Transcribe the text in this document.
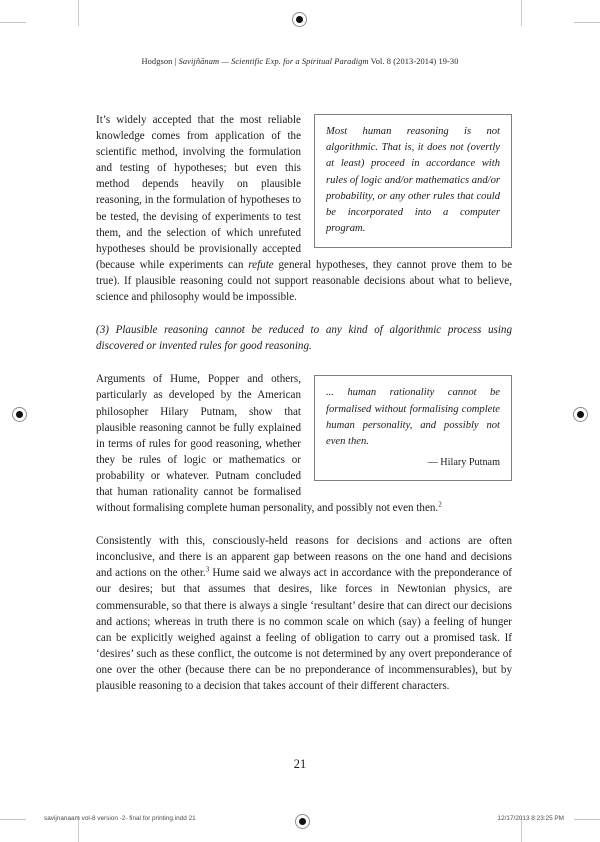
Hodgson | Savijñānam — Scientific Exp. for a Spiritual Paradigm Vol. 8 (2013-2014) 19-30

Most human reasoning is not algorithmic. That is, it does not (overtly at least) proceed in accordance with rules of logic and/or mathematics and/or probability, or any other rules that could be incorporated into a computer program.

It’s widely accepted that the most reliable knowledge comes from application of the scientific method, involving the formulation and testing of hypotheses; but even this method depends heavily on plausible reasoning, in the formulation of hypotheses to be tested, the devising of experiments to test them, and the selection of which unrefuted hypotheses should be provisionally accepted (because while experiments can refute general hypotheses, they cannot prove them to be true). If plausible reasoning could not support reasonable decisions about what to believe, science and philosophy would be impossible.

(3) Plausible reasoning cannot be reduced to any kind of algorithmic process using discovered or invented rules for good reasoning.

... human rationality cannot be formalised without formalising complete human personality, and possibly not even then.

— Hilary Putnam

Arguments of Hume, Popper and others, particularly as developed by the American philosopher Hilary Putnam, show that plausible reasoning cannot be fully explained in terms of rules for good reasoning, whether they be rules of logic or mathematics or probability or whatever. Putnam concluded that human rationality cannot be formalised without formalising complete human personality, and possibly not even then.$^2$

Consistently with this, consciously-held reasons for decisions and actions are often inconclusive, and there is an apparent gap between reasons on the one hand and decisions and actions on the other.$^3$ Hume said we always act in accordance with the preponderance of our desires; but that assumes that desires, like forces in Newtonian physics, are commensurable, so that there is always a single ‘resultant’ desire that can direct our decisions and actions; whereas in truth there is no common scale on which (say) a feeling of hunger can be explicitly weighed against a feeling of obligation to carry out a promised task. If ‘desires’ such as these conflict, the outcome is not determined by any overt preponderance of one over the other (because there can be no preponderance of incommensurables), but by plausible reasoning to a decision that takes account of their different characters.

21
savijnanaam vol-8 version -2- final for printing.indd 21	12/17/2013 8:23:25 PM
